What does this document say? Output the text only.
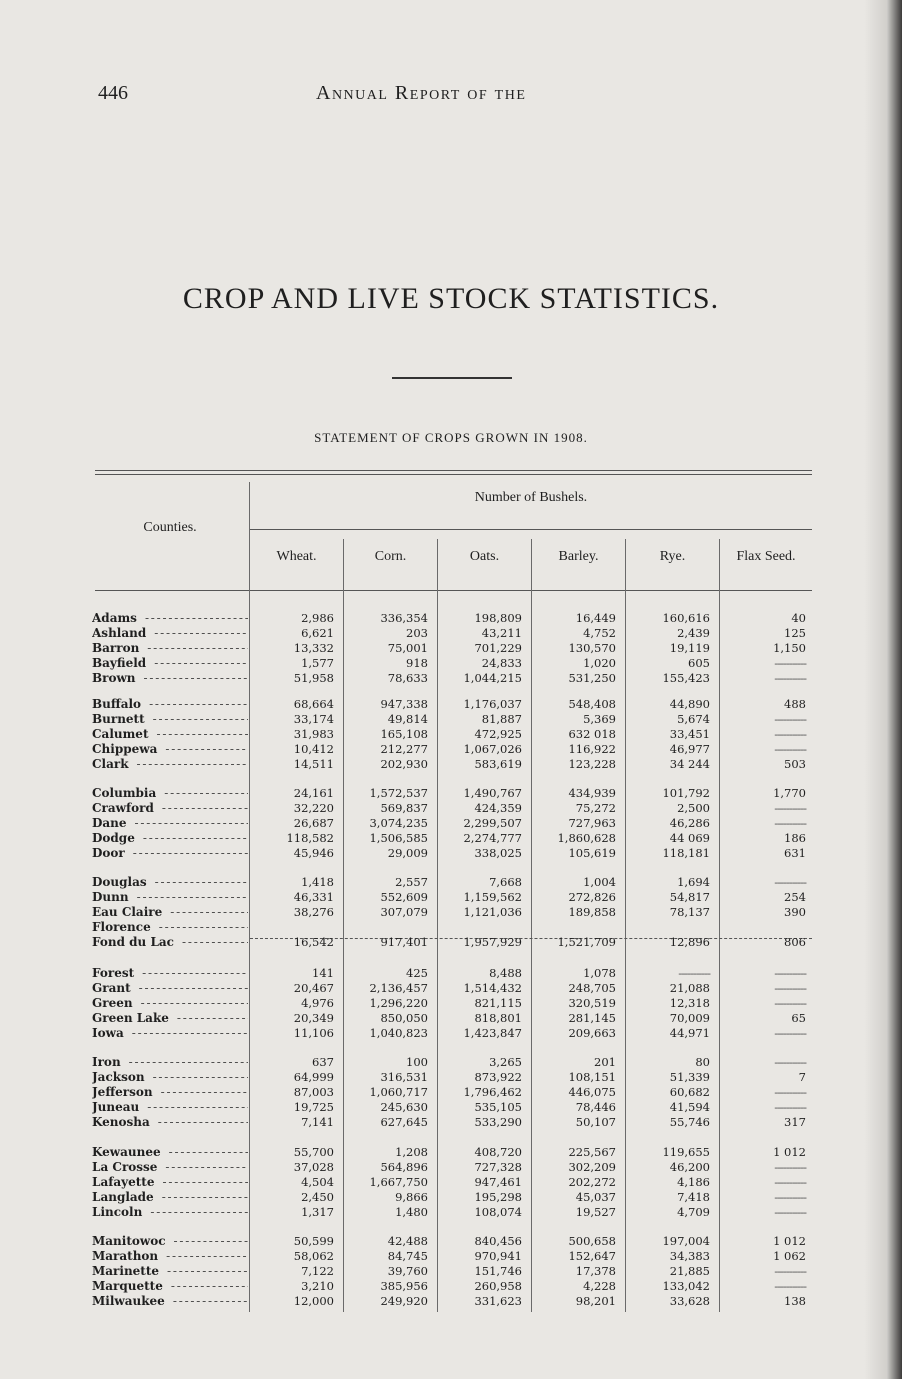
446	Annual Report of the
CROP AND LIVE STOCK STATISTICS.
STATEMENT OF CROPS GROWN IN 1908.
Counties.
Number of Bushels.
Wheat.	Corn.	Oats.	Barley.	Rye.	Flax Seed.
Adams - - -	2,986	336,354	198,809	16,449	160,616	40
Ashland - - -	6,621	203	43,211	4,752	2,439	125
Barron - - -	13,332	75,001	701,229	130,570	19,119	1,150
Bayfield - - -	1,577	918	24,833	1,020	605	-----------
Brown - - -	51,958	78,633	1,044,215	531,250	155,423	-----------
Buffalo - - -	68,664	947,338	1,176,037	548,408	44,890	488
Burnett - - -	33,174	49,814	81,887	5,369	5,674	-----------
Calumet - - -	31,983	165,108	472,925	632 018	33,451	-----------
Chippewa - - -	10,412	212,277	1,067,026	116,922	46,977	-----------
Clark - - -	14,511	202,930	583,619	123,228	34 244	503
Columbia - - -	24,161	1,572,537	1,490,767	434,939	101,792	1,770
Crawford - - -	32,220	569,837	424,359	75,272	2,500	-----------
Dane - - -	26,687	3,074,235	2,299,507	727,963	46,286	-----------
Dodge - - -	118,582	1,506,585	2,274,777	1,860,628	44 069	186
Door - - -	45,946	29,009	338,025	105,619	118,181	631
Douglas - - -	1,418	2,557	7,668	1,004	1,694	-----------
Dunn - - -	46,331	552,609	1,159,562	272,826	54,817	254
Eau Claire - - -	38,276	307,079	1,121,036	189,858	78,137	390
Florence - - -
Fond du Lac - - -	16,542	917,401	1,957,929	1,521,709	12,896	806
Forest - - -	141	425	8,488	1,078	-----------	-----------
Grant - - -	20,467	2,136,457	1,514,432	248,705	21,088	-----------
Green - - -	4,976	1,296,220	821,115	320,519	12,318	-----------
Green Lake - - -	20,349	850,050	818,801	281,145	70,009	65
Iowa - - -	11,106	1,040,823	1,423,847	209,663	44,971	-----------
Iron - - -	637	100	3,265	201	80	-----------
Jackson - - -	64,999	316,531	873,922	108,151	51,339	7
Jefferson - - -	87,003	1,060,717	1,796,462	446,075	60,682	-----------
Juneau - - -	19,725	245,630	535,105	78,446	41,594	-----------
Kenosha - - -	7,141	627,645	533,290	50,107	55,746	317
Kewaunee - - -	55,700	1,208	408,720	225,567	119,655	1 012
La Crosse - - -	37,028	564,896	727,328	302,209	46,200	-----------
Lafayette - - -	4,504	1,667,750	947,461	202,272	4,186	-----------
Langlade - - -	2,450	9,866	195,298	45,037	7,418	-----------
Lincoln - - -	1,317	1,480	108,074	19,527	4,709	-----------
Manitowoc - - -	50,599	42,488	840,456	500,658	197,004	1 012
Marathon - - -	58,062	84,745	970,941	152,647	34,383	1 062
Marinette - - -	7,122	39,760	151,746	17,378	21,885	-----------
Marquette - - -	3,210	385,956	260,958	4,228	133,042	-----------
Milwaukee - - -	12,000	249,920	331,623	98,201	33,628	138
